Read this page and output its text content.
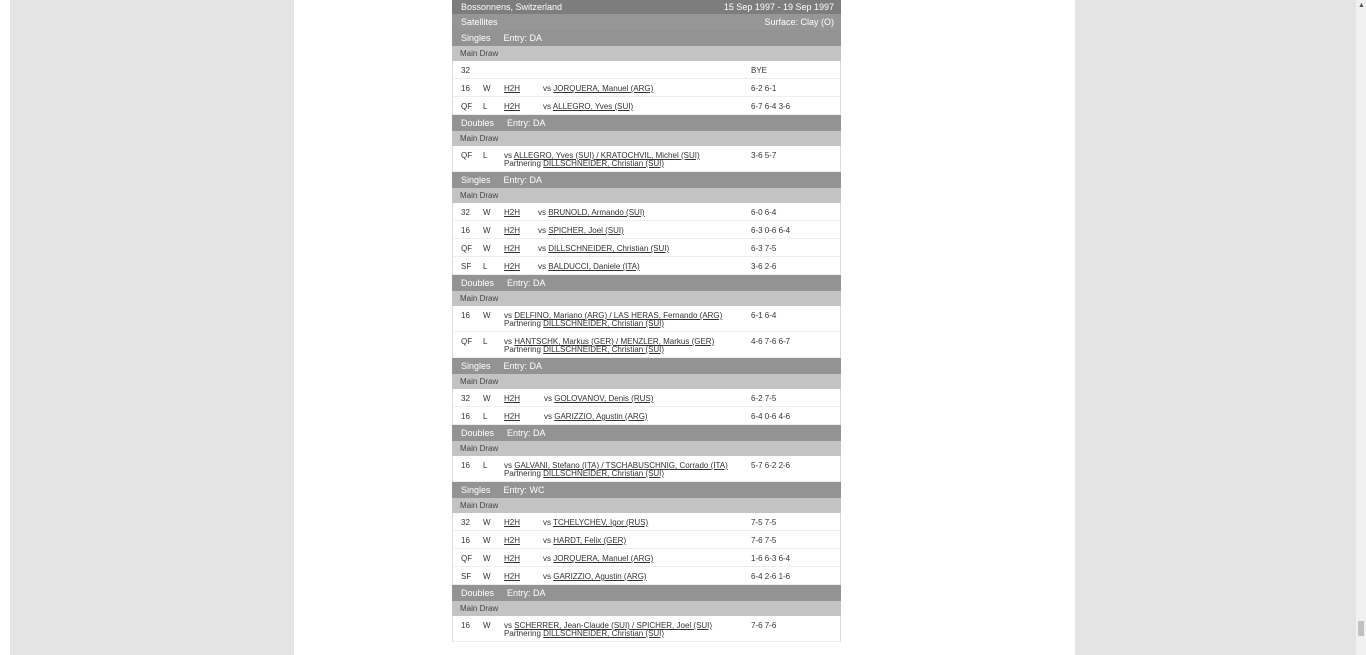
Bossonnens, Switzerland	15 Sep 1997 - 19 Sep 1997
Satellites	Surface: Clay (O)
Singles Entry: DA
Main Draw
32	BYE
16 W H2H	vs JORQUERA, Manuel (ARG)	6-2 6-1
QF L H2H	vs ALLEGRO, Yves (SUI)	6-7 6-4 3-6
Doubles Entry: DA
Main Draw
QF L vs ALLEGRO, Yves (SUI) / KRATOCHVIL, Michel (SUI)
Partnering DILLSCHNEIDER, Christian (SUI)
3-6 5-7
Singles Entry: DA
Main Draw
32 W H2H vs BRUNOLD, Armando (SUI)	6-0 6-4
16 W H2H vs SPICHER, Joel (SUI)	6-3 0-6 6-4
QF W H2H vs DILLSCHNEIDER, Christian (SUI)	6-3 7-5
SF L H2H vs BALDUCCI, Daniele (ITA)	3-6 2-6
Doubles Entry: DA
Main Draw
16 W vs DELFINO, Mariano (ARG) / LAS HERAS, Fernando (ARG)
Partnering DILLSCHNEIDER, Christian (SUI)
6-1 6-4
QF L vs HANTSCHK, Markus (GER) / MENZLER, Markus (GER)
Partnering DILLSCHNEIDER, Christian (SUI)
4-6 7-6 6-7
Singles Entry: DA
Main Draw
32 W H2H	vs GOLOVANOV, Denis (RUS)	6-2 7-5
16 L H2H	vs GARIZZIO, Agustin (ARG)	6-4 0-6 4-6
Doubles Entry: DA
Main Draw
16 L vs GALVANI, Stefano (ITA) / TSCHABUSCHNIG, Corrado (ITA)
Partnering DILLSCHNEIDER, Christian (SUI)
5-7 6-2 2-6
Singles Entry: WC
Main Draw
32 W H2H	vs TCHELYCHEV, Igor (RUS)	7-5 7-5
16 W H2H	vs HARDT, Felix (GER)	7-6 7-5
QF W H2H	vs JORQUERA, Manuel (ARG)	1-6 6-3 6-4
SF W H2H	vs GARIZZIO, Agustin (ARG)	6-4 2-6 1-6
Doubles Entry: DA
Main Draw
16 W vs SCHERRER, Jean-Claude (SUI) / SPICHER, Joel (SUI)
Partnering DILLSCHNEIDER, Christian (SUI)
7-6 7-6
▲
